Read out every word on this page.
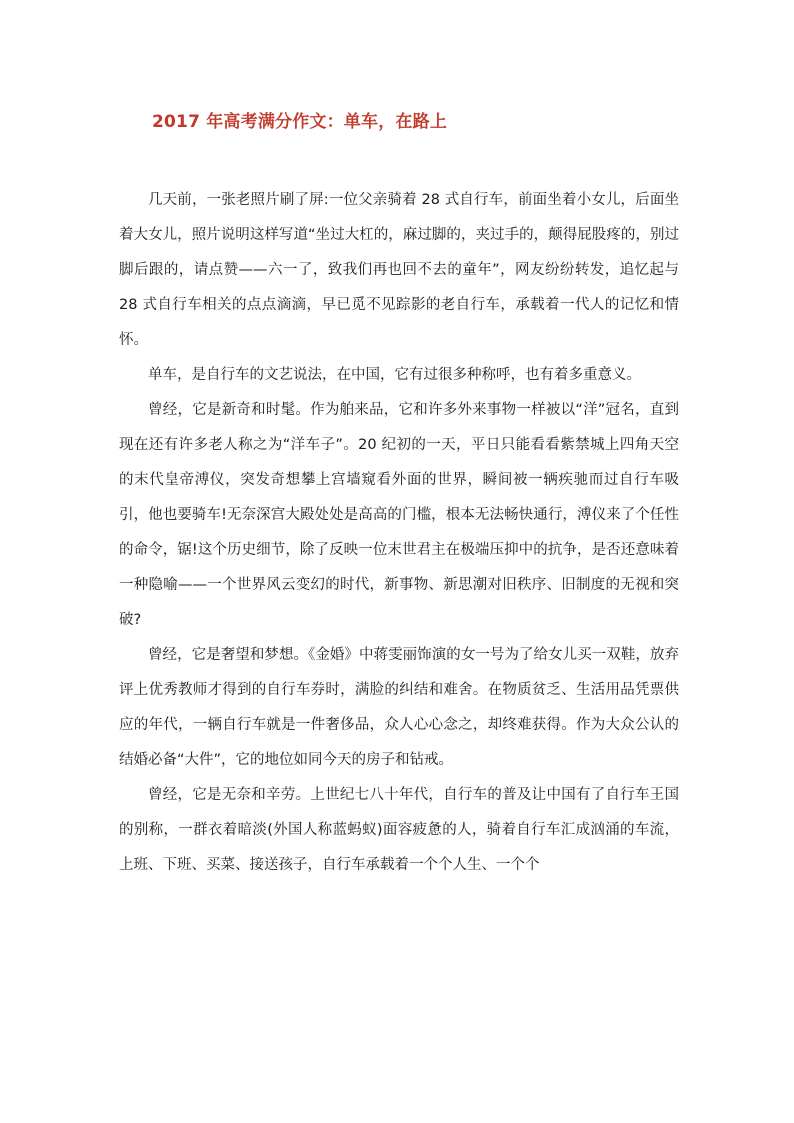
2017 年高考满分作文：单车，在路上

几天前，一张老照片刷了屏:一位父亲骑着 28 式自行车，前面坐着小女儿，后面坐着大女儿，照片说明这样写道“坐过大杠的，麻过脚的，夹过手的，颠得屁股疼的，别过脚后跟的，请点赞——六一了，致我们再也回不去的童年”，网友纷纷转发，追忆起与 28 式自行车相关的点点滴滴，早已觅不见踪影的老自行车，承载着一代人的记忆和情怀。

单车，是自行车的文艺说法，在中国，它有过很多种称呼，也有着多重意义。

曾经，它是新奇和时髦。作为舶来品，它和许多外来事物一样被以“洋”冠名，直到现在还有许多老人称之为“洋车子”。20 纪初的一天，平日只能看看紫禁城上四角天空的末代皇帝溥仪，突发奇想攀上宫墙窥看外面的世界，瞬间被一辆疾驰而过自行车吸引，他也要骑车!无奈深宫大殿处处是高高的门槛，根本无法畅快通行，溥仪来了个任性的命令，锯!这个历史细节，除了反映一位末世君主在极端压抑中的抗争，是否还意味着一种隐喻——一个世界风云变幻的时代，新事物、新思潮对旧秩序、旧制度的无视和突破?

曾经，它是奢望和梦想。《金婚》中蒋雯丽饰演的女一号为了给女儿买一双鞋，放弃评上优秀教师才得到的自行车券时，满脸的纠结和难舍。在物质贫乏、生活用品凭票供应的年代，一辆自行车就是一件奢侈品，众人心心念之，却终难获得。作为大众公认的结婚必备“大件”，它的地位如同今天的房子和钻戒。

曾经，它是无奈和辛劳。上世纪七八十年代，自行车的普及让中国有了自行车王国的别称，一群衣着暗淡(外国人称蓝蚂蚁)面容疲惫的人，骑着自行车汇成汹涌的车流，上班、下班、买菜、接送孩子，自行车承载着一个个人生、一个个
